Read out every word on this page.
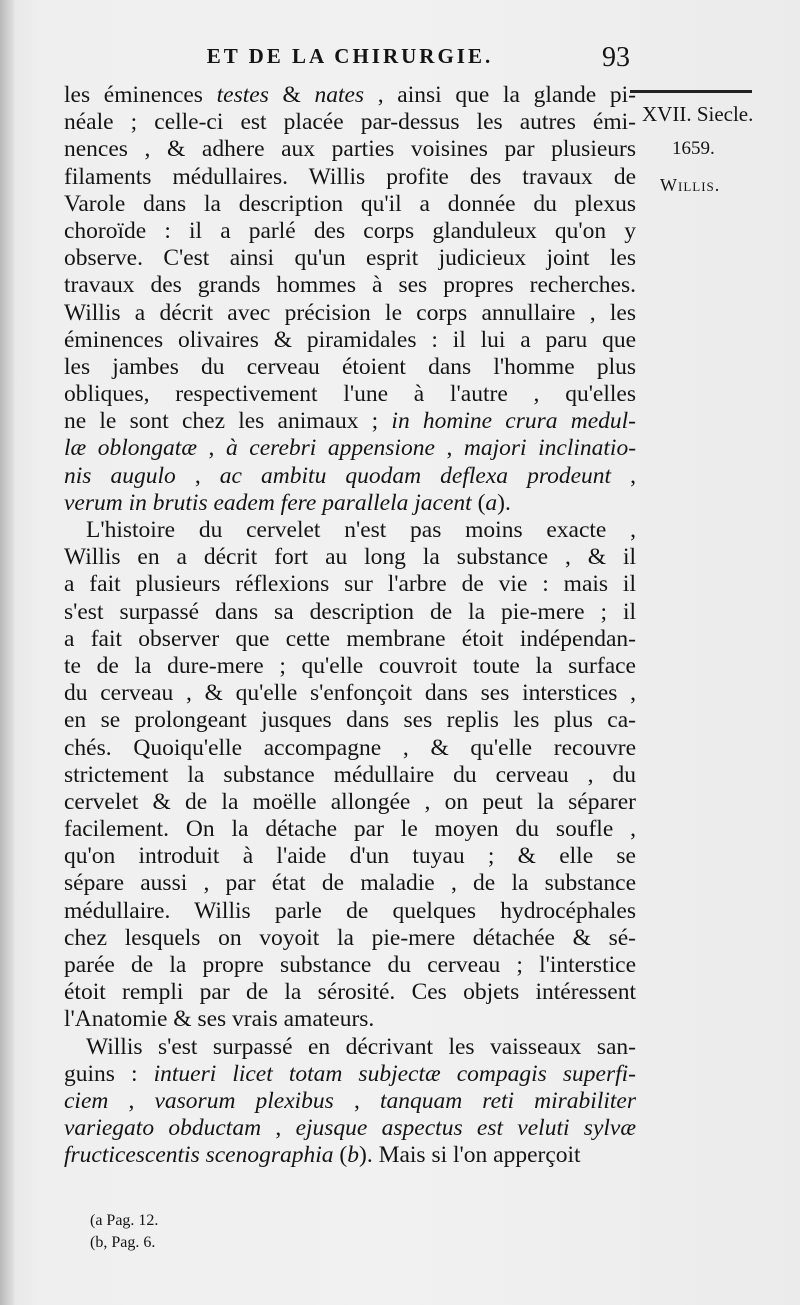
ET DE LA CHIRURGIE.	93
XVII. Siecle.
1659.
Willis.
les éminences testes & nates , ainsi que la glande pi-
néale ; celle-ci est placée par-dessus les autres émi-
nences , & adhere aux parties voisines par plusieurs
filaments médullaires. Willis profite des travaux de
Varole dans la description qu'il a donnée du plexus
choroïde : il a parlé des corps glanduleux qu'on y
observe. C'est ainsi qu'un esprit judicieux joint les
travaux des grands hommes à ses propres recherches.
Willis a décrit avec précision le corps annullaire , les
éminences olivaires & piramidales : il lui a paru que
les jambes du cerveau étoient dans l'homme plus
obliques, respectivement l'une à l'autre , qu'elles
ne le sont chez les animaux ; in homine crura medul-
læ oblongatæ , à cerebri appensione , majori inclinatio-
nis augulo , ac ambitu quodam deflexa prodeunt ,
verum in brutis eadem fere parallela jacent (a).
L'histoire du cervelet n'est pas moins exacte ,
Willis en a décrit fort au long la substance , & il
a fait plusieurs réflexions sur l'arbre de vie : mais il
s'est surpassé dans sa description de la pie-mere ; il
a fait observer que cette membrane étoit indépendan-
te de la dure-mere ; qu'elle couvroit toute la surface
du cerveau , & qu'elle s'enfonçoit dans ses interstices ,
en se prolongeant jusques dans ses replis les plus ca-
chés. Quoiqu'elle accompagne , & qu'elle recouvre
strictement la substance médullaire du cerveau , du
cervelet & de la moëlle allongée , on peut la séparer
facilement. On la détache par le moyen du soufle ,
qu'on introduit à l'aide d'un tuyau ; & elle se
sépare aussi , par état de maladie , de la substance
médullaire. Willis parle de quelques hydrocéphales
chez lesquels on voyoit la pie-mere détachée & sé-
parée de la propre substance du cerveau ; l'interstice
étoit rempli par de la sérosité. Ces objets intéressent
l'Anatomie & ses vrais amateurs.
Willis s'est surpassé en décrivant les vaisseaux san-
guins : intueri licet totam subjectæ compagis superfi-
ciem , vasorum plexibus , tanquam reti mirabiliter
variegato obductam , ejusque aspectus est veluti sylvæ
fructicescentis scenographia (b). Mais si l'on apperçoit
(a Pag. 12.
(b, Pag. 6.
